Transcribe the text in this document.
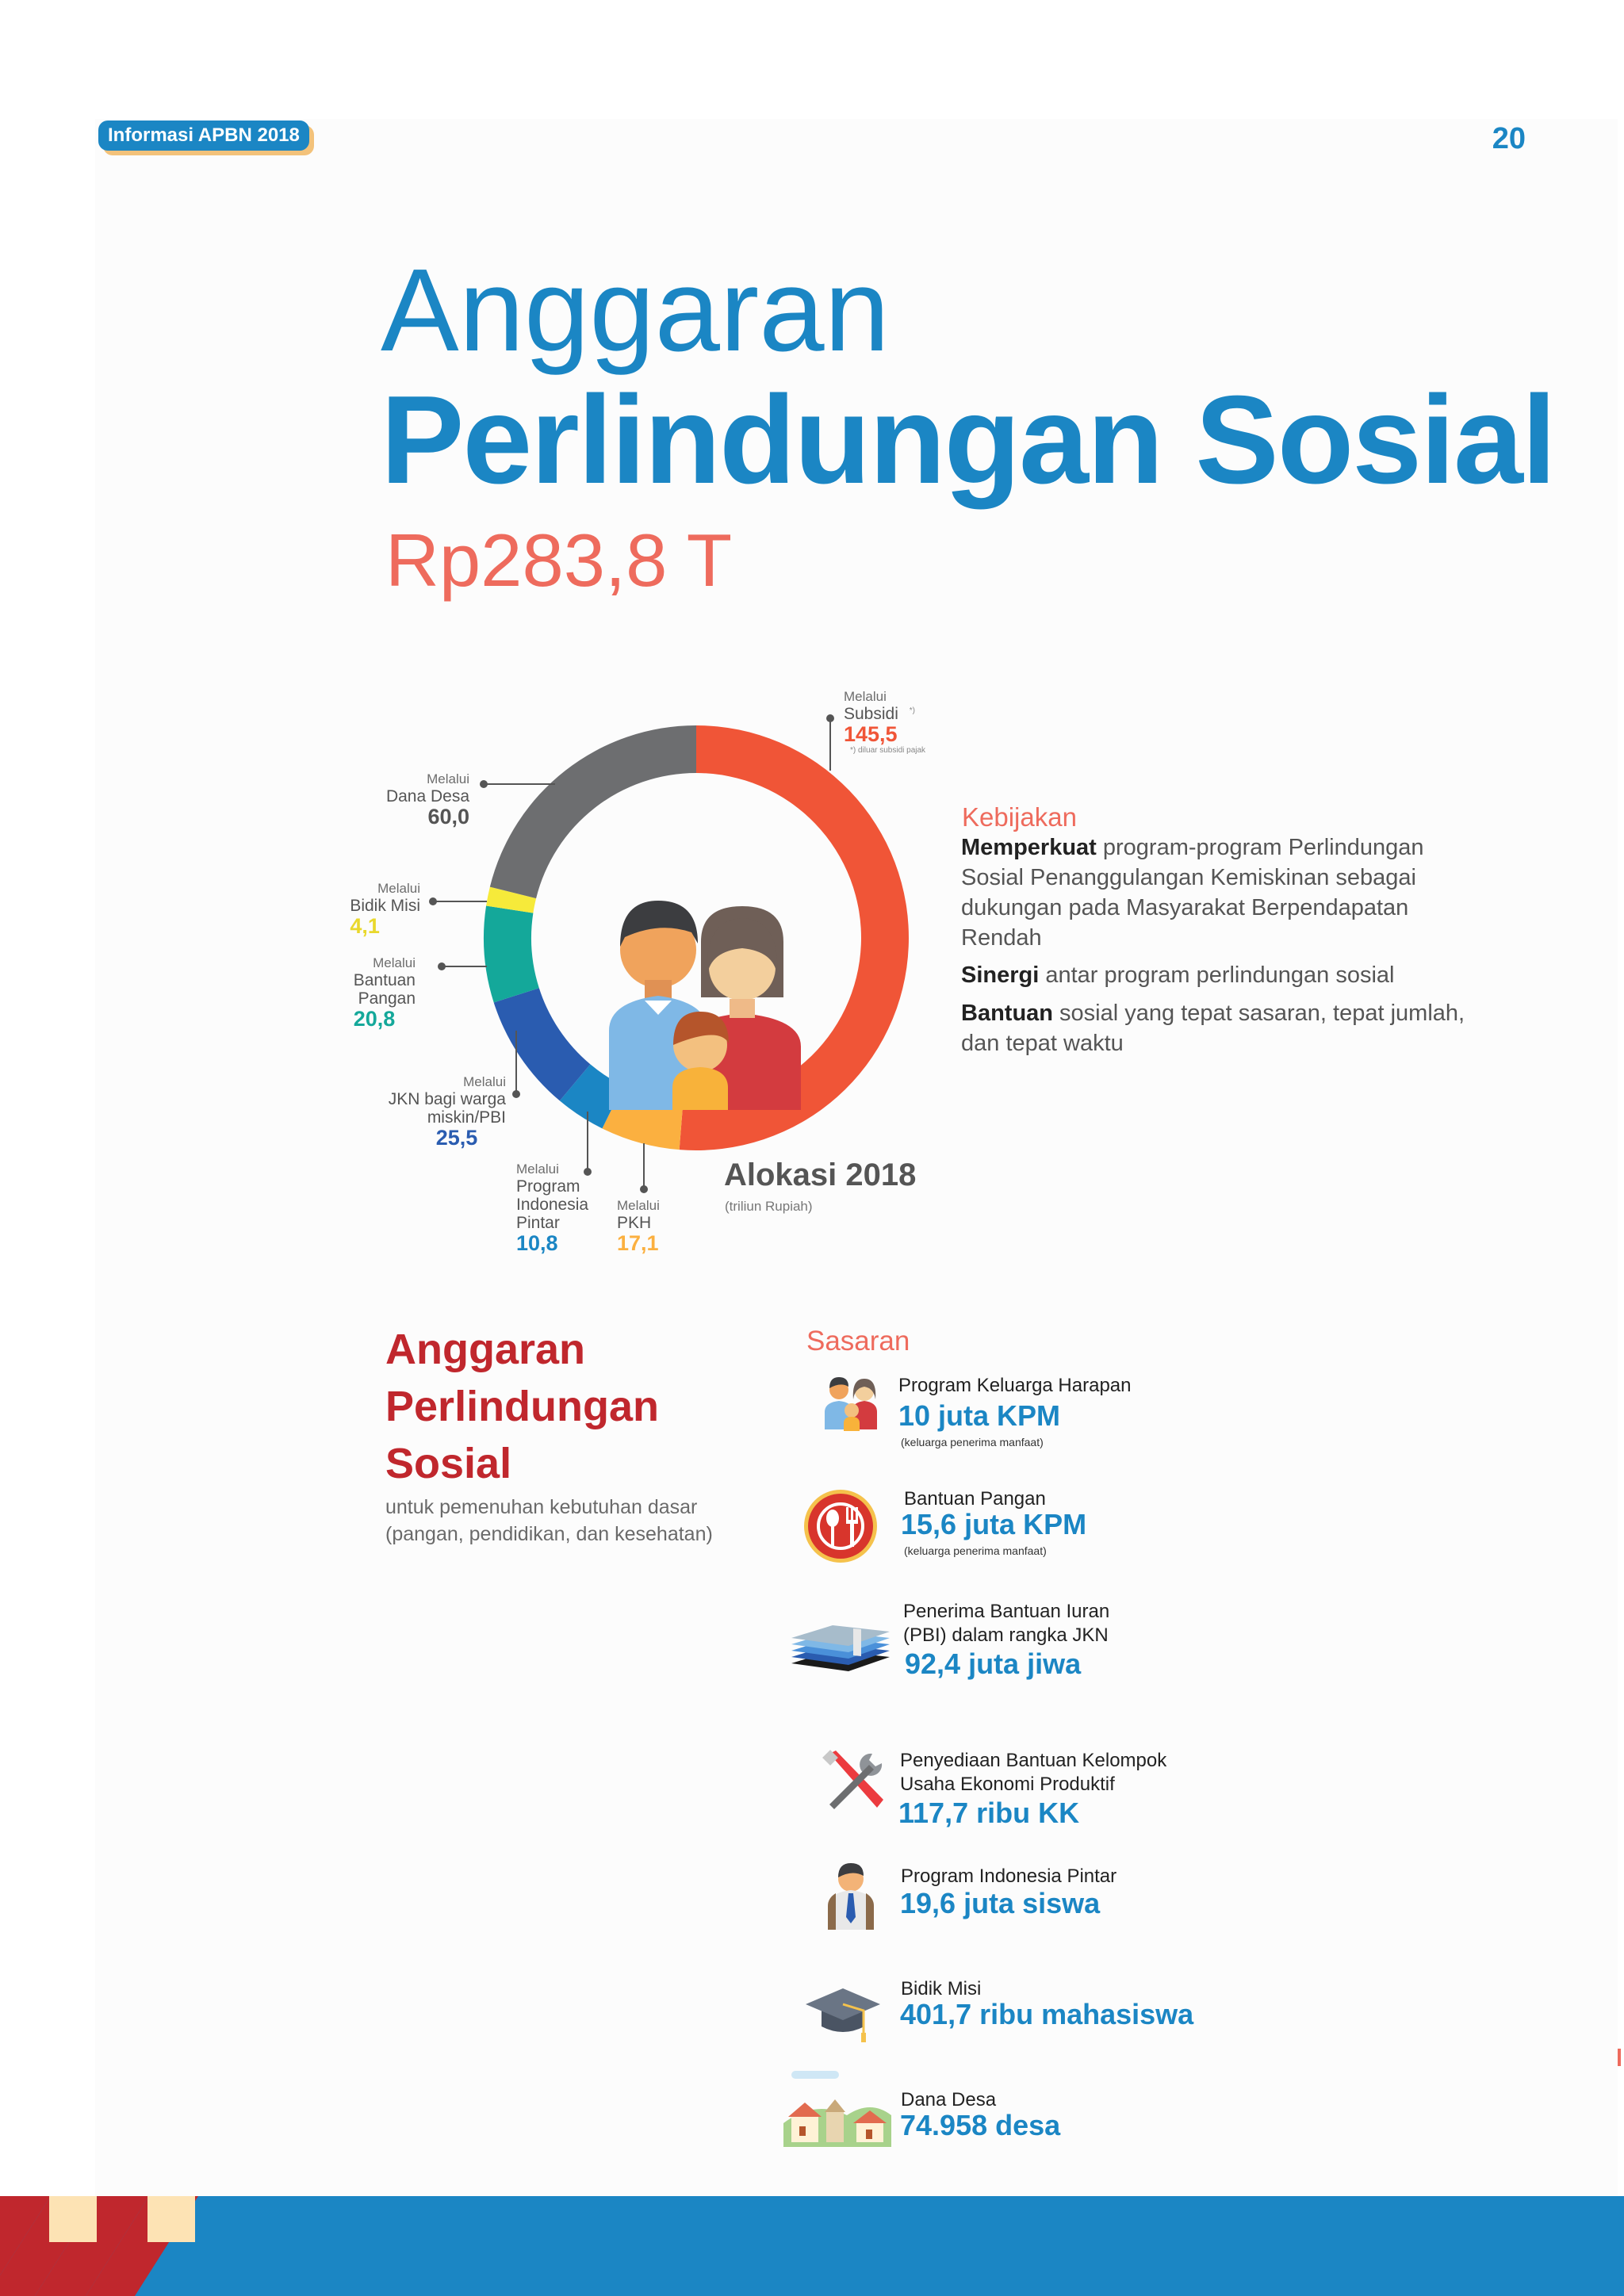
Informasi APBN 2018	20
Anggaran
Perlindungan Sosial
Rp283,8 T
Melalui
Subsidi *)
145,5
*) diluar subsidi pajak
Melalui
Dana Desa
60,0
Melalui
Bidik Misi
4,1
Melalui
Bantuan
Pangan
20,8
Melalui
JKN bagi warga
miskin/PBI
25,5
Melalui
Program
Indonesia
Pintar
10,8
Melalui
PKH
17,1
Alokasi 2018
(triliun Rupiah)
Kebijakan
Memperkuat program-program Perlindungan Sosial Penanggulangan Kemiskinan sebagai dukungan pada Masyarakat Berpendapatan Rendah
Sinergi antar program perlindungan sosial
Bantuan sosial yang tepat sasaran, tepat jumlah, dan tepat waktu
Anggaran
Perlindungan
Sosial
untuk pemenuhan kebutuhan dasar (pangan, pendidikan, dan kesehatan)
Sasaran
Program Keluarga Harapan
10 juta KPM
(keluarga penerima manfaat)
Bantuan Pangan
15,6 juta KPM
(keluarga penerima manfaat)
Penerima Bantuan Iuran
(PBI) dalam rangka JKN
92,4 juta jiwa
Penyediaan Bantuan Kelompok
Usaha Ekonomi Produktif
117,7 ribu KK
Program Indonesia Pintar
19,6 juta siswa
Bidik Misi
401,7 ribu mahasiswa
Dana Desa
74.958 desa
